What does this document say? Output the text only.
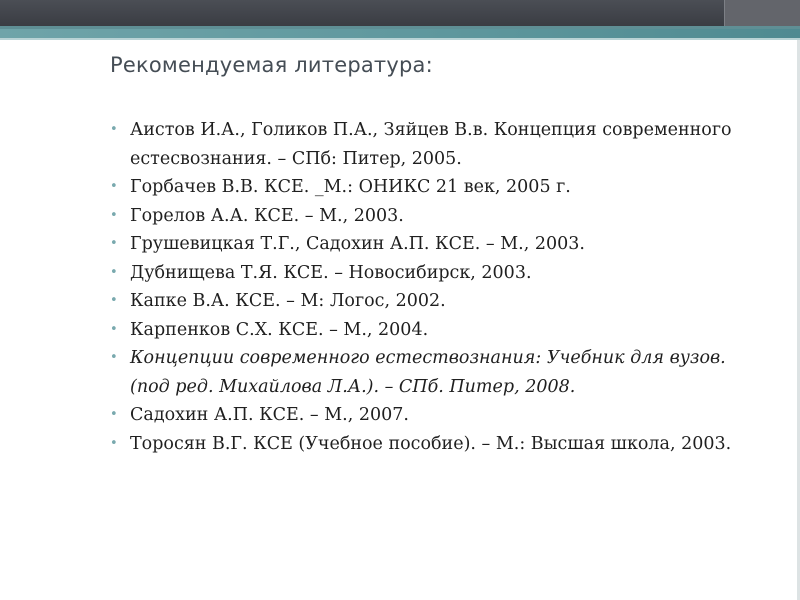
Рекомендуемая литература:
• Аистов И.А., Голиков П.А., Зяйцев В.в. Концепция современного естесвознания. – СПб: Питер, 2005.
• Горбачев В.В. КСЕ. _М.: ОНИКС 21 век, 2005 г.
• Горелов А.А. КСЕ. – М., 2003.
• Грушевицкая Т.Г., Садохин А.П. КСЕ. – М., 2003.
• Дубнищева Т.Я. КСЕ. – Новосибирск, 2003.
• Капке В.А. КСЕ. – М: Логос, 2002.
• Карпенков С.Х. КСЕ. – М., 2004.
• Концепции современного естествознания: Учебник для вузов. (под ред. Михайлова Л.А.). – СПб. Питер, 2008.
• Садохин А.П. КСЕ. – М., 2007.
• Торосян В.Г. КСЕ (Учебное пособие). – М.: Высшая школа, 2003.
